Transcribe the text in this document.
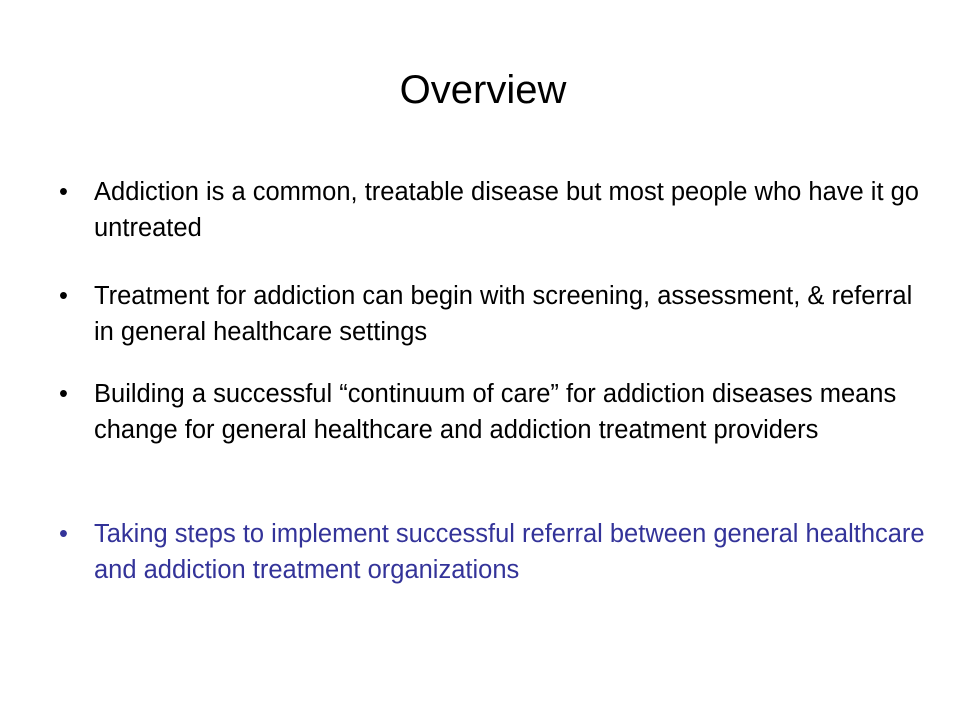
Overview
•	Addiction is a common, treatable disease but most people who have it go untreated
•	Treatment for addiction can begin with screening, assessment, & referral in general healthcare settings
•	Building a successful “continuum of care” for addiction diseases means change for general healthcare and addiction treatment providers
•	Taking steps to implement successful referral between general healthcare and addiction treatment organizations
